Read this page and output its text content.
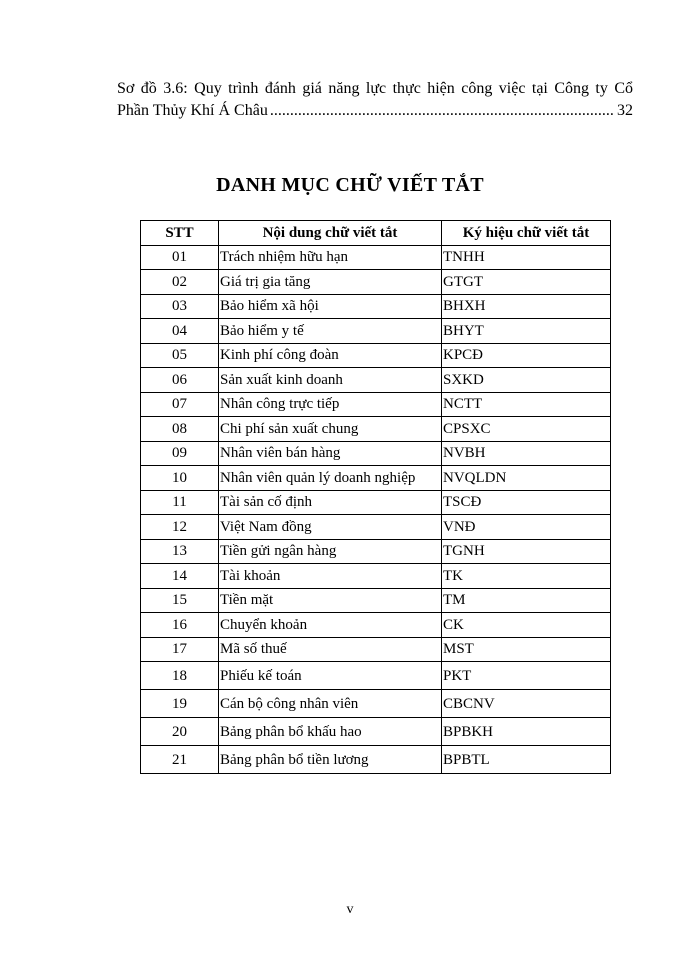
Sơ đồ 3.6: Quy trình đánh giá năng lực thực hiện công việc tại Công ty Cổ
Phần Thủy Khí Á Châu .....	32
DANH MỤC CHỮ VIẾT TẮT
STT	Nội dung chữ viết tắt	Ký hiệu chữ viết tắt
01	Trách nhiệm hữu hạn	TNHH
02	Giá trị gia tăng	GTGT
03	Bảo hiểm xã hội	BHXH
04	Bảo hiểm y tế	BHYT
05	Kinh phí công đoàn	KPCĐ
06	Sản xuất kinh doanh	SXKD
07	Nhân công trực tiếp	NCTT
08	Chi phí sản xuất chung	CPSXC
09	Nhân viên bán hàng	NVBH
10	Nhân viên quản lý doanh nghiệp	NVQLDN
11	Tài sản cố định	TSCĐ
12	Việt Nam đồng	VNĐ
13	Tiền gửi ngân hàng	TGNH
14	Tài khoản	TK
15	Tiền mặt	TM
16	Chuyển khoản	CK
17	Mã số thuế	MST
18	Phiếu kế toán	PKT
19	Cán bộ công nhân viên	CBCNV
20	Bảng phân bổ khấu hao	BPBKH
21	Bảng phân bổ tiền lương	BPBTL
v
